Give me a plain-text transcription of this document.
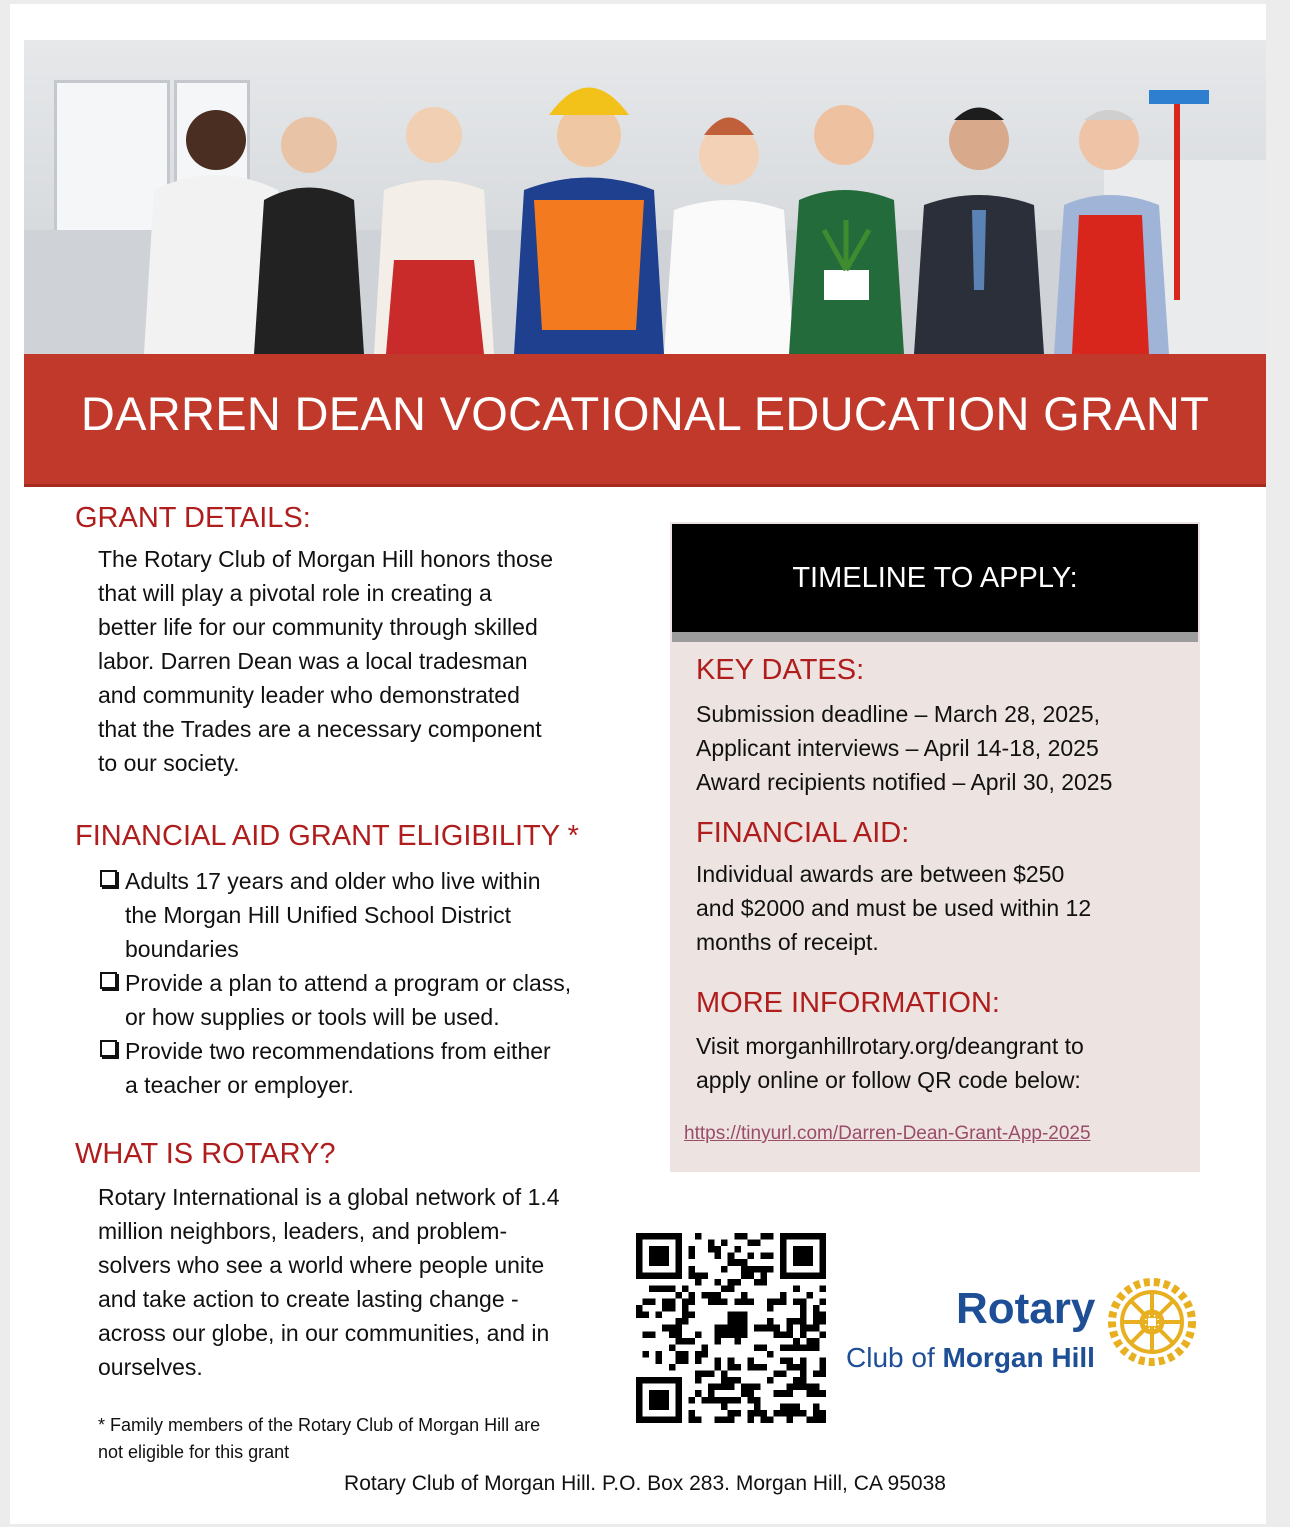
DARREN DEAN VOCATIONAL EDUCATION GRANT
GRANT DETAILS:
The Rotary Club of Morgan Hill honors those
that will play a pivotal role in creating a
better life for our community through skilled
labor. Darren Dean was a local tradesman
and community leader who demonstrated
that the Trades are a necessary component
to our society.
FINANCIAL AID GRANT ELIGIBILITY *
Adults 17 years and older who live within
the Morgan Hill Unified School District
boundaries
Provide a plan to attend a program or class,
or how supplies or tools will be used.
Provide two recommendations from either
a teacher or employer.
WHAT IS ROTARY?
Rotary International is a global network of 1.4
million neighbors, leaders, and problem-
solvers who see a world where people unite
and take action to create lasting change -
across our globe, in our communities, and in
ourselves.
* Family members of the Rotary Club of Morgan Hill are
not eligible for this grant
TIMELINE TO APPLY:
KEY DATES:
Submission deadline – March 28, 2025,
Applicant interviews – April 14-18, 2025
Award recipients notified – April 30, 2025
FINANCIAL AID:
Individual awards are between $250
and $2000 and must be used within 12
months of receipt.
MORE INFORMATION:
Visit morganhillrotary.org/deangrant to
apply online or follow QR code below:
https://tinyurl.com/Darren-Dean-Grant-App-2025
Rotary
Club of Morgan Hill
Rotary Club of Morgan Hill. P.O. Box 283. Morgan Hill, CA 95038
